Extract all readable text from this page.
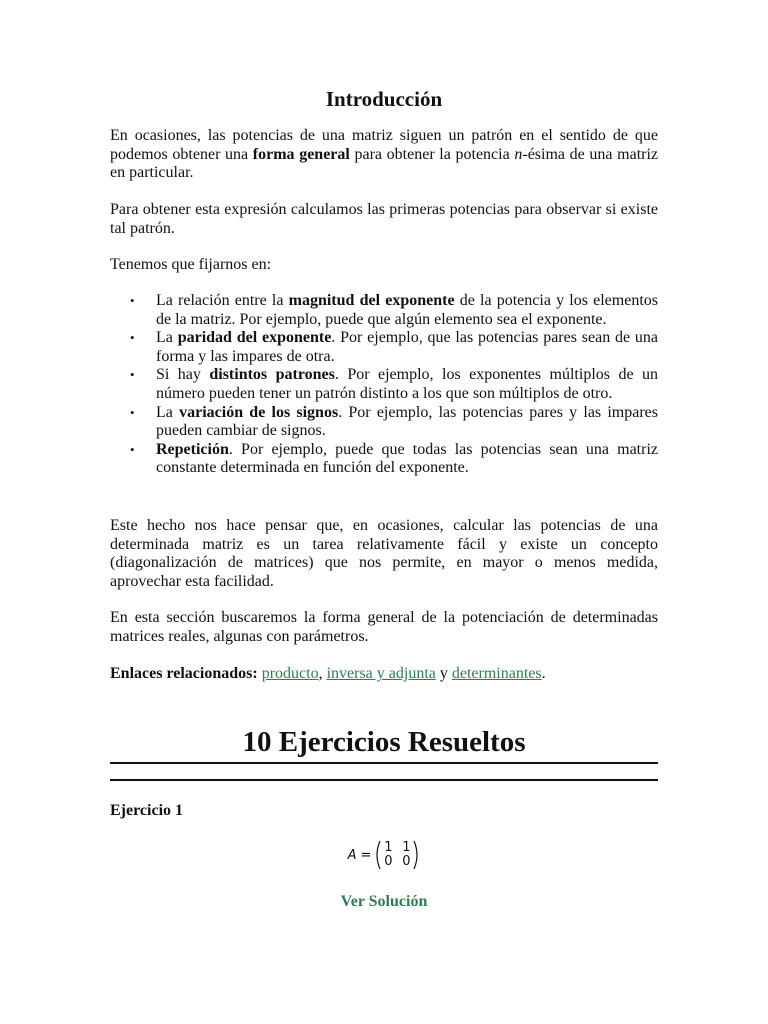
Introducción

En ocasiones, las potencias de una matriz siguen un patrón en el sentido de que podemos obtener una forma general para obtener la potencia n-ésima de una matriz en particular.

Para obtener esta expresión calculamos las primeras potencias para observar si existe tal patrón.

Tenemos que fijarnos en:

• La relación entre la magnitud del exponente de la potencia y los elementos de la matriz. Por ejemplo, puede que algún elemento sea el exponente.
• La paridad del exponente. Por ejemplo, que las potencias pares sean de una forma y las impares de otra.
• Si hay distintos patrones. Por ejemplo, los exponentes múltiplos de un número pueden tener un patrón distinto a los que son múltiplos de otro.
• La variación de los signos. Por ejemplo, las potencias pares y las impares pueden cambiar de signos.
• Repetición. Por ejemplo, puede que todas las potencias sean una matriz constante determinada en función del exponente.

Este hecho nos hace pensar que, en ocasiones, calcular las potencias de una determinada matriz es un tarea relativamente fácil y existe un concepto (diagonalización de matrices) que nos permite, en mayor o menos medida, aprovechar esta facilidad.

En esta sección buscaremos la forma general de la potenciación de determinadas matrices reales, algunas con parámetros.

Enlaces relacionados: producto, inversa y adjunta y determinantes.

10 Ejercicios Resueltos
Ejercicio 1
A = 1 1
0 0
Ver Solución
